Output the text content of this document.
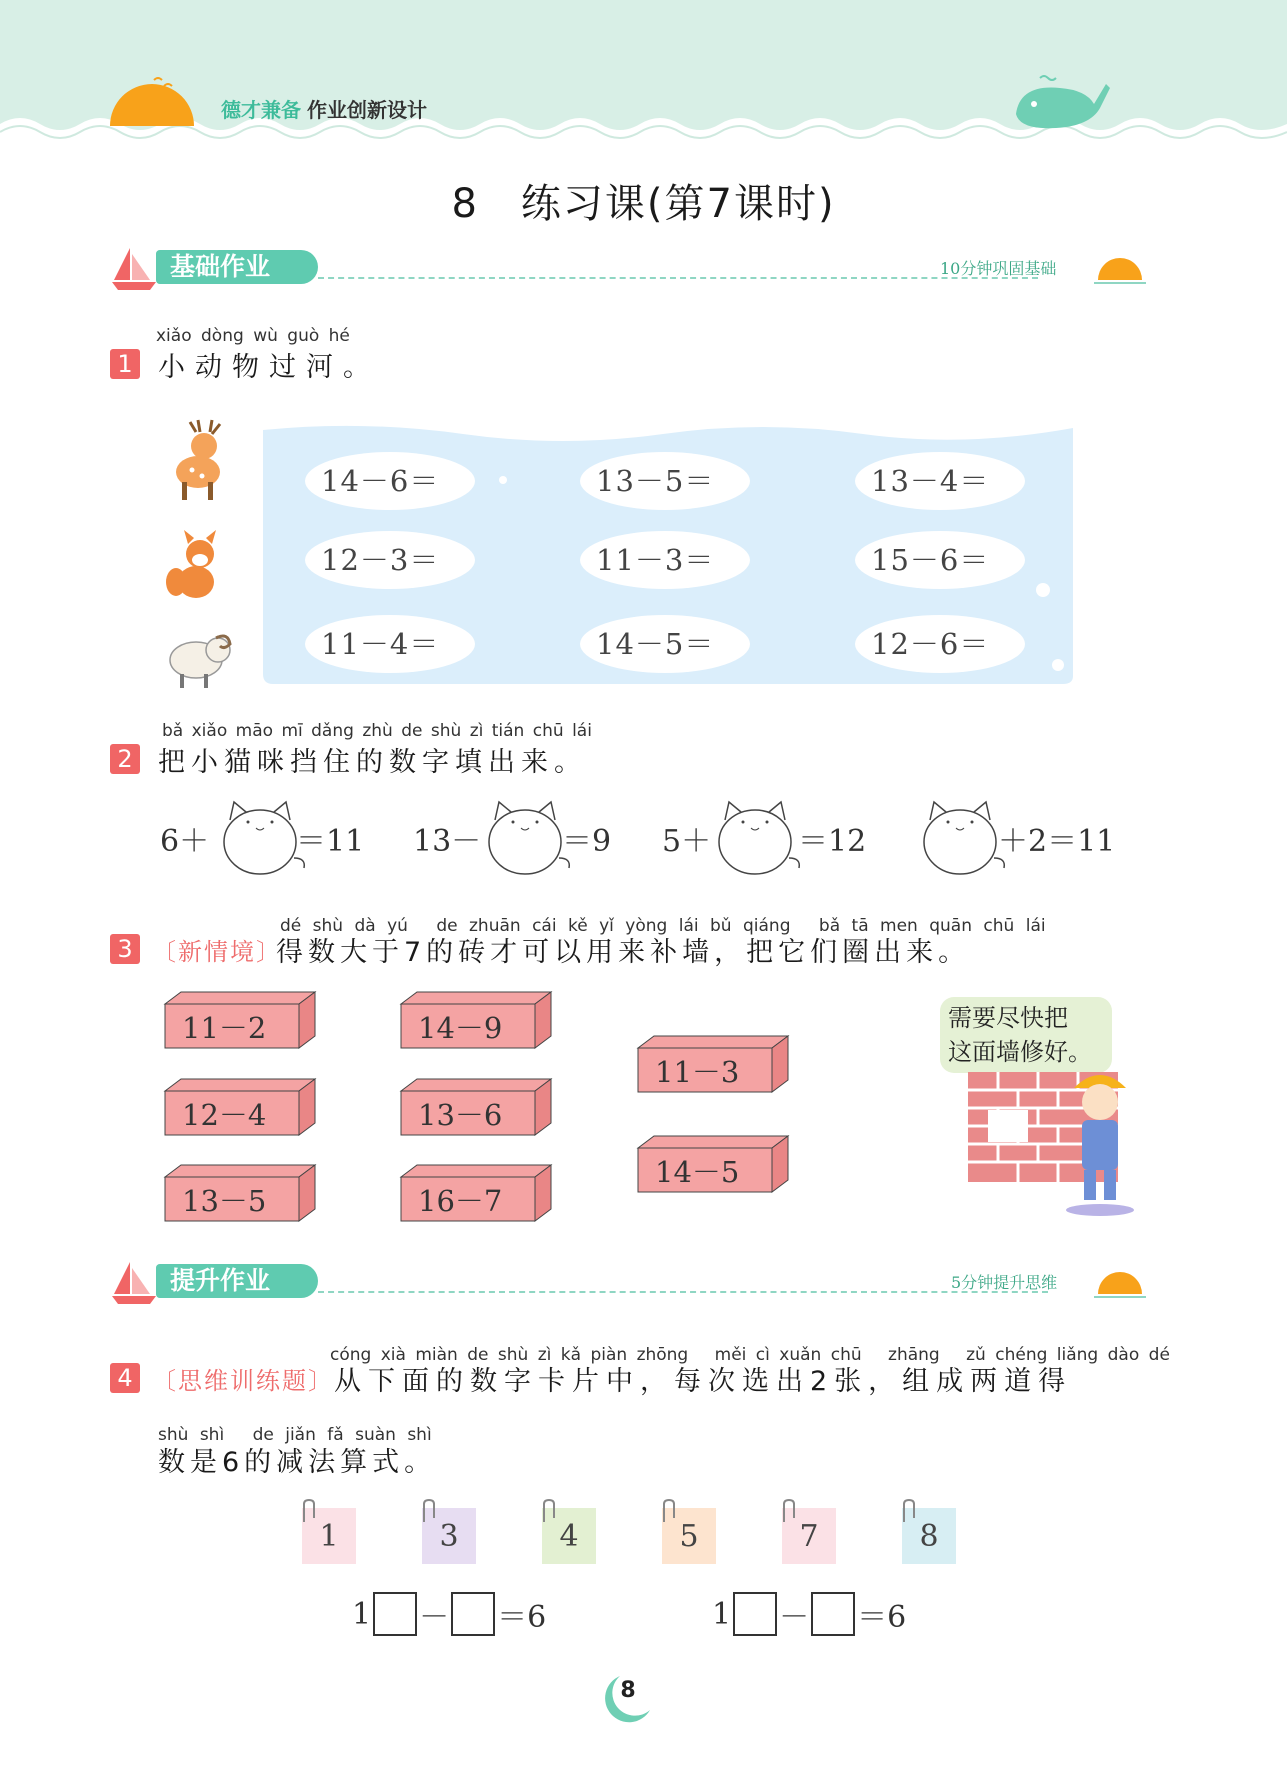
德才兼备 作业创新设计
8　练习课(第7课时)
基础作业	10分钟巩固基础
1
xiǎo dòng wù guò hé
小动物过河。
14－6＝	13－5＝	13－4＝
12－3＝	11－3＝	15－6＝
11－4＝	14－5＝	12－6＝
2
bǎ xiǎo māo mī dǎng zhù de shù zì tián chū lái
把小猫咪挡住的数字填出来。
6＋	＝11 13－	＝9 5＋	＝12	＋2＝11
3
dé shù dà yú　 de zhuān cái kě yǐ yòng lái bǔ qiáng　 bǎ tā men quān chū lái
〔新情境〕
得数大于7的砖才可以用来补墙，把它们圈出来。
11－2
12－4
13－5
14－9
13－6
16－7
11－3
14－5
需要尽快把
这面墙修好。
提升作业	5分钟提升思维
4
cóng xià miàn de shù zì kǎ piàn zhōng　 měi cì xuǎn chū　 zhāng　 zǔ chéng liǎng dào dé
〔思维训练题〕 从下面的数字卡片中，每次选出2张，组成两道得
shù shì　 de jiǎn fǎ suàn shì
数是6的减法算式。
1	3	4	5	7	8
1 － ＝6	1 － ＝6
8
